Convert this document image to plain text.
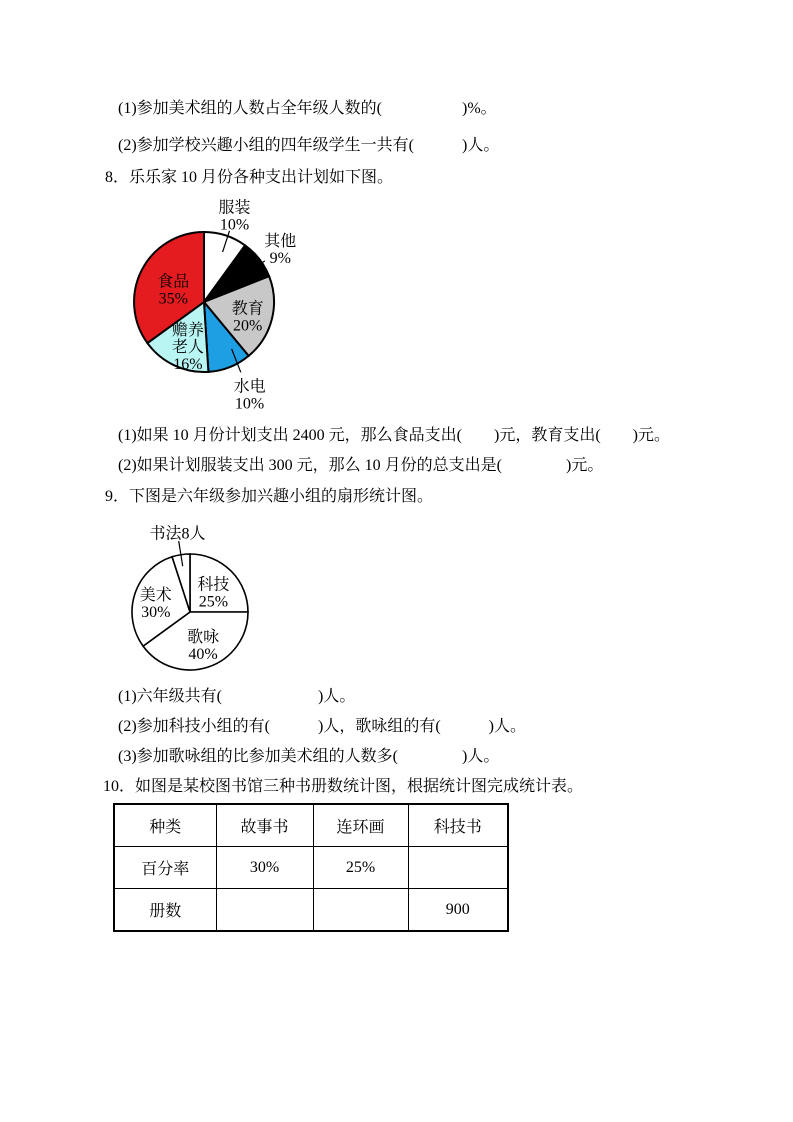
(1)参加美术组的人数占全年级人数的(　　　　　)%。
(2)参加学校兴趣小组的四年级学生一共有(　　　)人。
8．乐乐家 10 月份各种支出计划如下图。
服装
10%
其他
9%
教育
20%
水电
10%
赡养
老人
16%
食品
35%
(1)如果 10 月份计划支出 2400 元，那么食品支出(　　)元，教育支出(　　)元。
(2)如果计划服装支出 300 元，那么 10 月份的总支出是(　　　　)元。
9．下图是六年级参加兴趣小组的扇形统计图。
科技
25%
歌咏
40%
美术
30%
书法8人
(1)六年级共有(　　　　　　)人。
(2)参加科技小组的有(　　　)人，歌咏组的有(　　　)人。
(3)参加歌咏组的比参加美术组的人数多(　　　　)人。
10．如图是某校图书馆三种书册数统计图，根据统计图完成统计表。
种类	故事书	连环画	科技书
百分率	30%	25%	
册数			900
